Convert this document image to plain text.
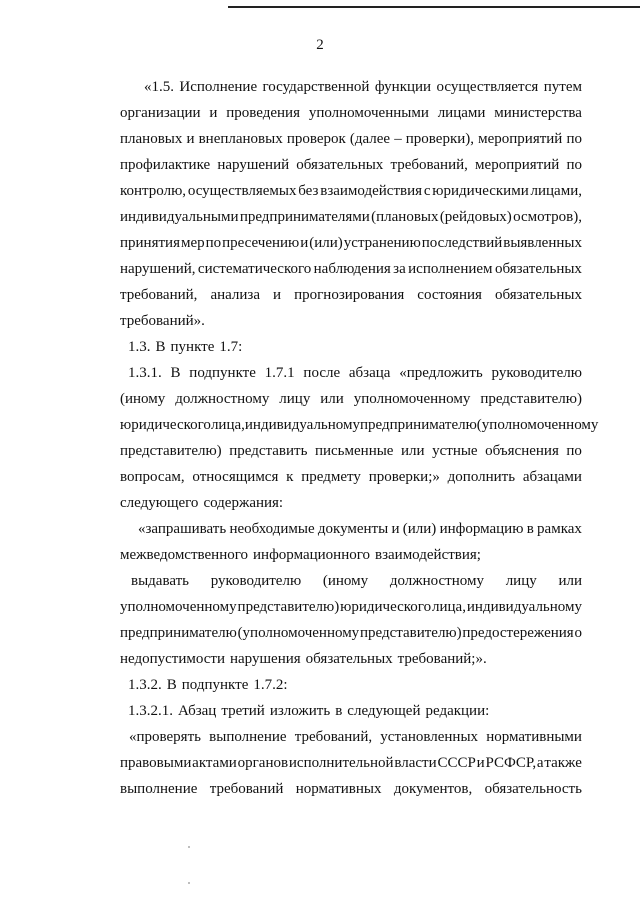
2
«1.5. Исполнение государственной функции осуществляется путем
организации и проведения уполномоченными лицами министерства
плановых и внеплановых проверок (далее – проверки), мероприятий по
профилактике нарушений обязательных требований, мероприятий по
контролю, осуществляемых без взаимодействия с юридическими лицами,
индивидуальными предпринимателями (плановых (рейдовых) осмотров),
принятия мер по пресечению и (или) устранению последствий выявленных
нарушений, систематического наблюдения за исполнением обязательных
требований, анализа и прогнозирования состояния обязательных
требований».
1.3. В пункте 1.7:
1.3.1. В подпункте 1.7.1 после абзаца «предложить руководителю
(иному должностному лицу или уполномоченному представителю)
юридического лица, индивидуальному предпринимателю (уполномоченному
представителю) представить письменные или устные объяснения по
вопросам, относящимся к предмету проверки;» дополнить абзацами
следующего содержания:
«запрашивать необходимые документы и (или) информацию в рамках
межведомственного информационного взаимодействия;
выдавать руководителю (иному должностному лицу или
уполномоченному представителю) юридического лица, индивидуальному
предпринимателю (уполномоченному представителю) предостережения о
недопустимости нарушения обязательных требований;».
1.3.2. В подпункте 1.7.2:
1.3.2.1. Абзац третий изложить в следующей редакции:
«проверять выполнение требований, установленных нормативными
правовыми актами органов исполнительной власти СССР и РСФСР, а также
выполнение требований нормативных документов, обязательность
